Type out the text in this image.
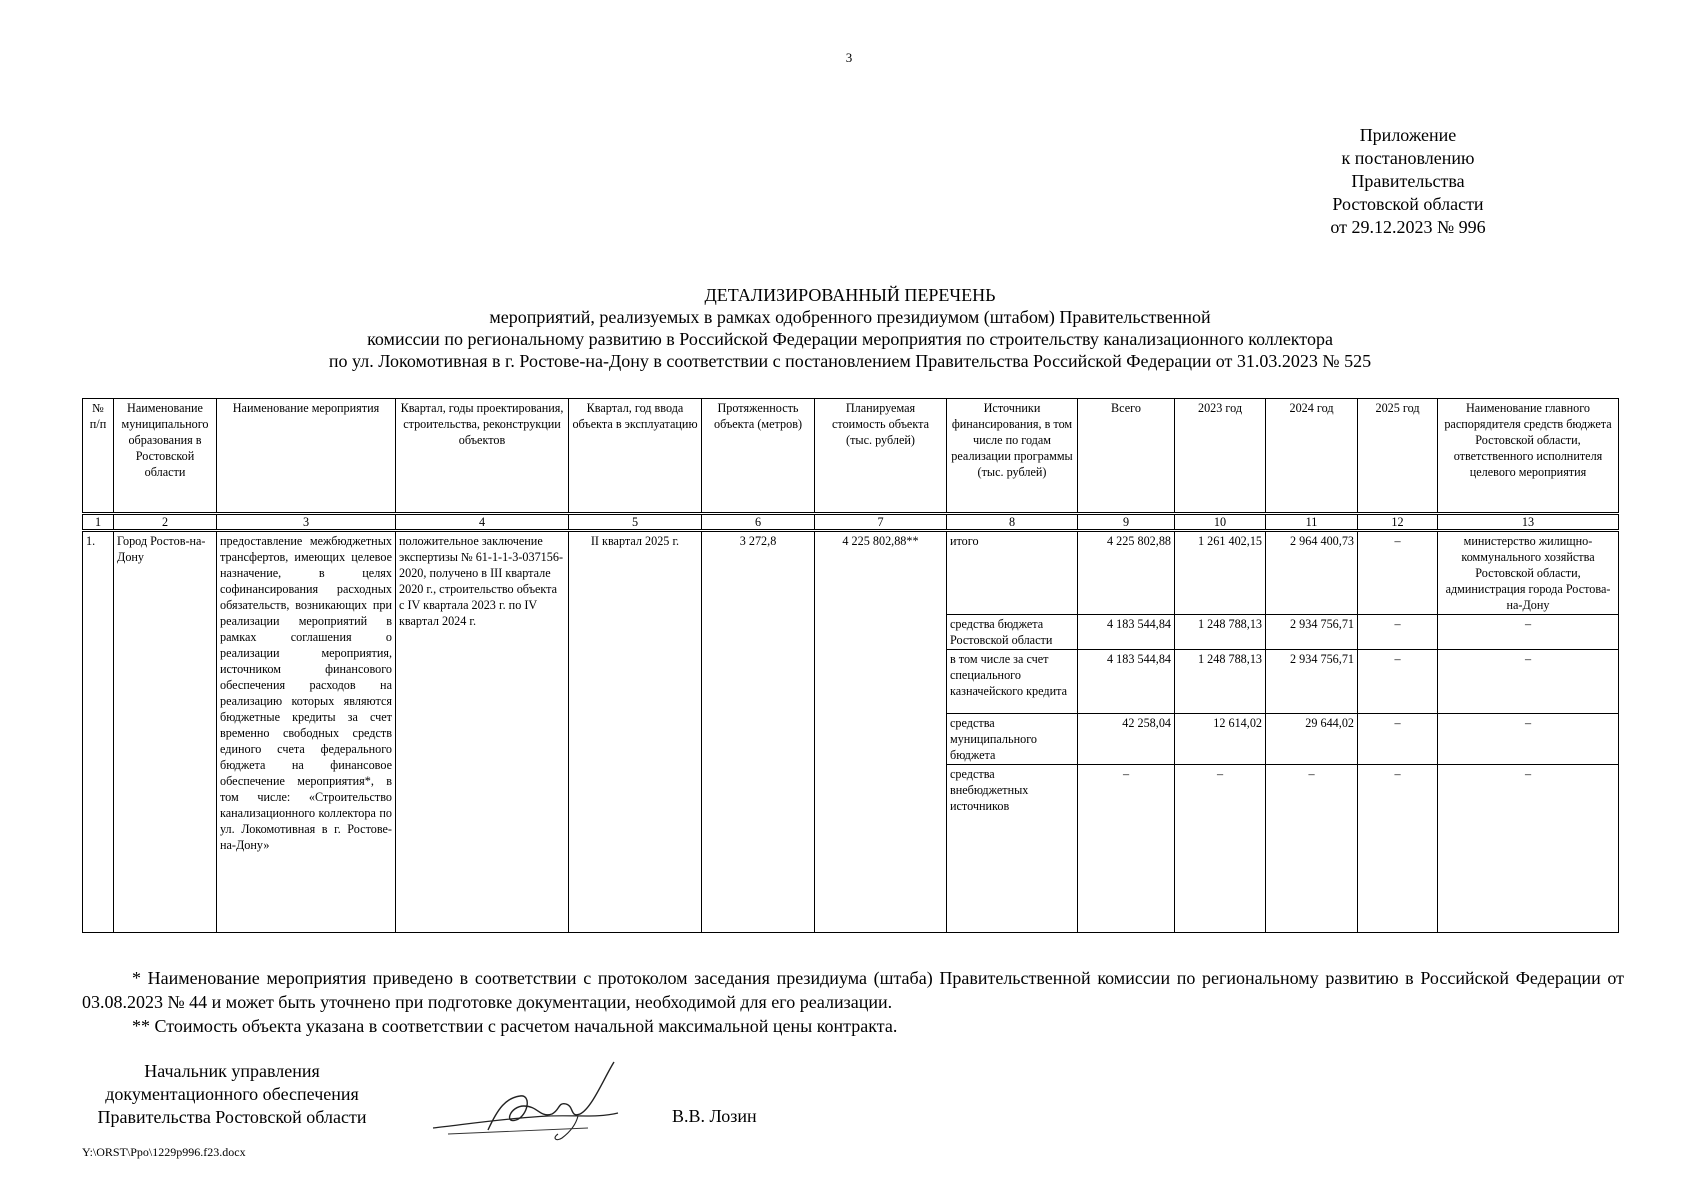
3
Приложение
к постановлению
Правительства
Ростовской области
от 29.12.2023 № 996
ДЕТАЛИЗИРОВАННЫЙ ПЕРЕЧЕНЬ
мероприятий, реализуемых в рамках одобренного президиумом (штабом) Правительственной
комиссии по региональному развитию в Российской Федерации мероприятия по строительству канализационного коллектора
по ул. Локомотивная в г. Ростове-на-Дону в соответствии с постановлением Правительства Российской Федерации от 31.03.2023 № 525
№ п/п	Наименование муниципального образования в Ростовской области	Наименование мероприятия	Квартал, годы проектирования, строительства, реконструкции объектов	Квартал, год ввода объекта в эксплуатацию	Протяженность объекта (метров)	Планируемая стоимость объекта (тыс. рублей)	Источники финансирования, в том числе по годам реализации программы (тыс. рублей)	Всего	2023 год	2024 год	2025 год	Наименование главного распорядителя средств бюджета Ростовской области, ответственного исполнителя целевого мероприятия
1	2	3	4	5	6	7	8	9	10	11	12	13
1.	Город Ростов-на-Дону	предоставление межбюджетных трансфертов, имеющих целевое назначение, в целях софинансирования расходных обязательств, возникающих при реализации мероприятий в рамках соглашения о реализации мероприятия, источником финансового обеспечения расходов на реализацию которых являются бюджетные кредиты за счет временно свободных средств единого счета федерального бюджета на финансовое обеспечение мероприятия*, в том числе: «Строительство канализационного коллектора по ул. Локомотивная в г. Ростове-на-Дону»	положительное заключение экспертизы № 61-1-1-3-037156-2020, получено в III квартале 2020 г., строительство объекта с IV квартала 2023 г. по IV квартал 2024 г.	II квартал 2025 г.	3 272,8	4 225 802,88**	итого	4 225 802,88	1 261 402,15	2 964 400,73	–	министерство жилищно-коммунального хозяйства Ростовской области, администрация города Ростова-на-Дону
							средства бюджета Ростовской области	4 183 544,84	1 248 788,13	2 934 756,71	–	–
							в том числе за счет специального казначейского кредита	4 183 544,84	1 248 788,13	2 934 756,71	–	–
							средства муниципального бюджета	42 258,04	12 614,02	29 644,02	–	–
							средства внебюджетных источников	–	–	–	–	–

* Наименование мероприятия приведено в соответствии с протоколом заседания президиума (штаба) Правительственной комиссии по региональному развитию в Российской Федерации от 03.08.2023 № 44 и может быть уточнено при подготовке документации, необходимой для его реализации.

** Стоимость объекта указана в соответствии с расчетом начальной максимальной цены контракта.

Начальник управления
документационного обеспечения
Правительства Ростовской области	В.В. Лозин
Y:\ORST\Ppo\1229p996.f23.docx
